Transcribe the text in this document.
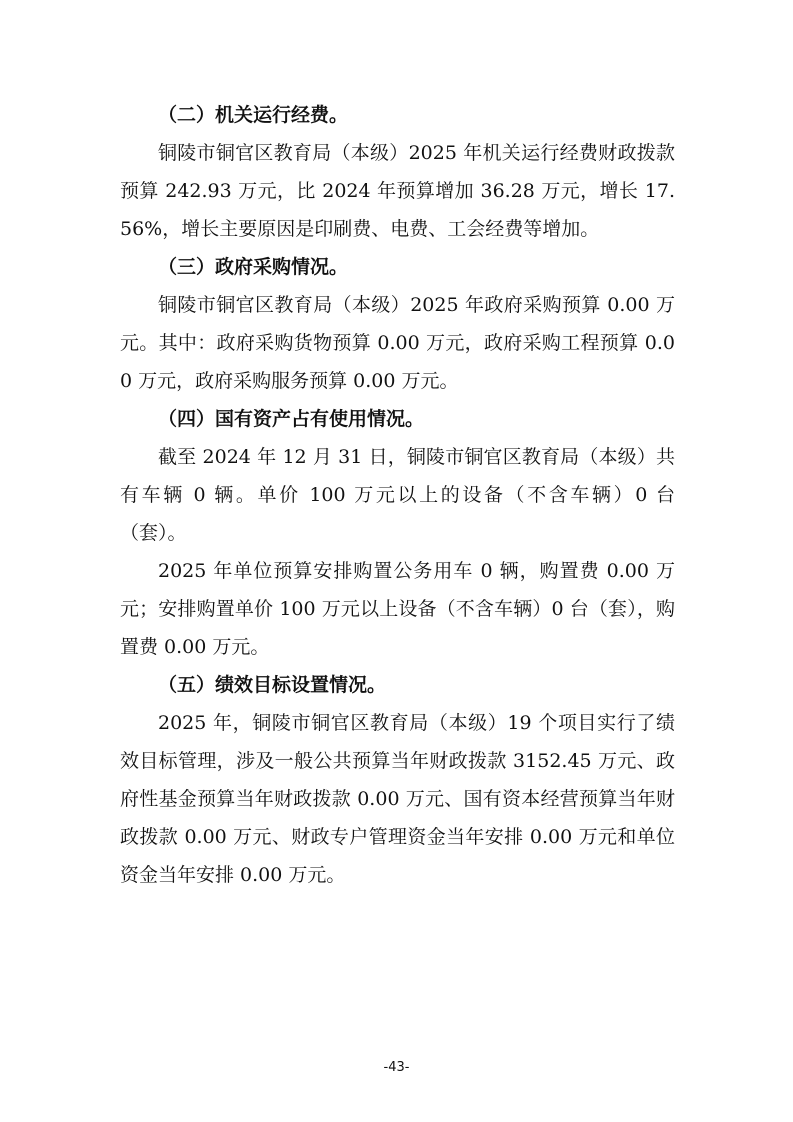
（二）机关运行经费。

铜陵市铜官区教育局（本级）2025 年机关运行经费财政拨款预算 242.93 万元，比 2024 年预算增加 36.28 万元，增长 17.56%，增长主要原因是印刷费、电费、工会经费等增加。

（三）政府采购情况。

铜陵市铜官区教育局（本级）2025 年政府采购预算 0.00 万元。其中：政府采购货物预算 0.00 万元，政府采购工程预算 0.00 万元，政府采购服务预算 0.00 万元。

（四）国有资产占有使用情况。

截至 2024 年 12 月 31 日，铜陵市铜官区教育局（本级）共有车辆 0 辆。单价 100 万元以上的设备（不含车辆）0 台（套）。

2025 年单位预算安排购置公务用车 0 辆，购置费 0.00 万元；安排购置单价 100 万元以上设备（不含车辆）0 台（套），购置费 0.00 万元。

（五）绩效目标设置情况。

2025 年，铜陵市铜官区教育局（本级）19 个项目实行了绩效目标管理，涉及一般公共预算当年财政拨款 3152.45 万元、政府性基金预算当年财政拨款 0.00 万元、国有资本经营预算当年财政拨款 0.00 万元、财政专户管理资金当年安排 0.00 万元和单位资金当年安排 0.00 万元。

-43-
